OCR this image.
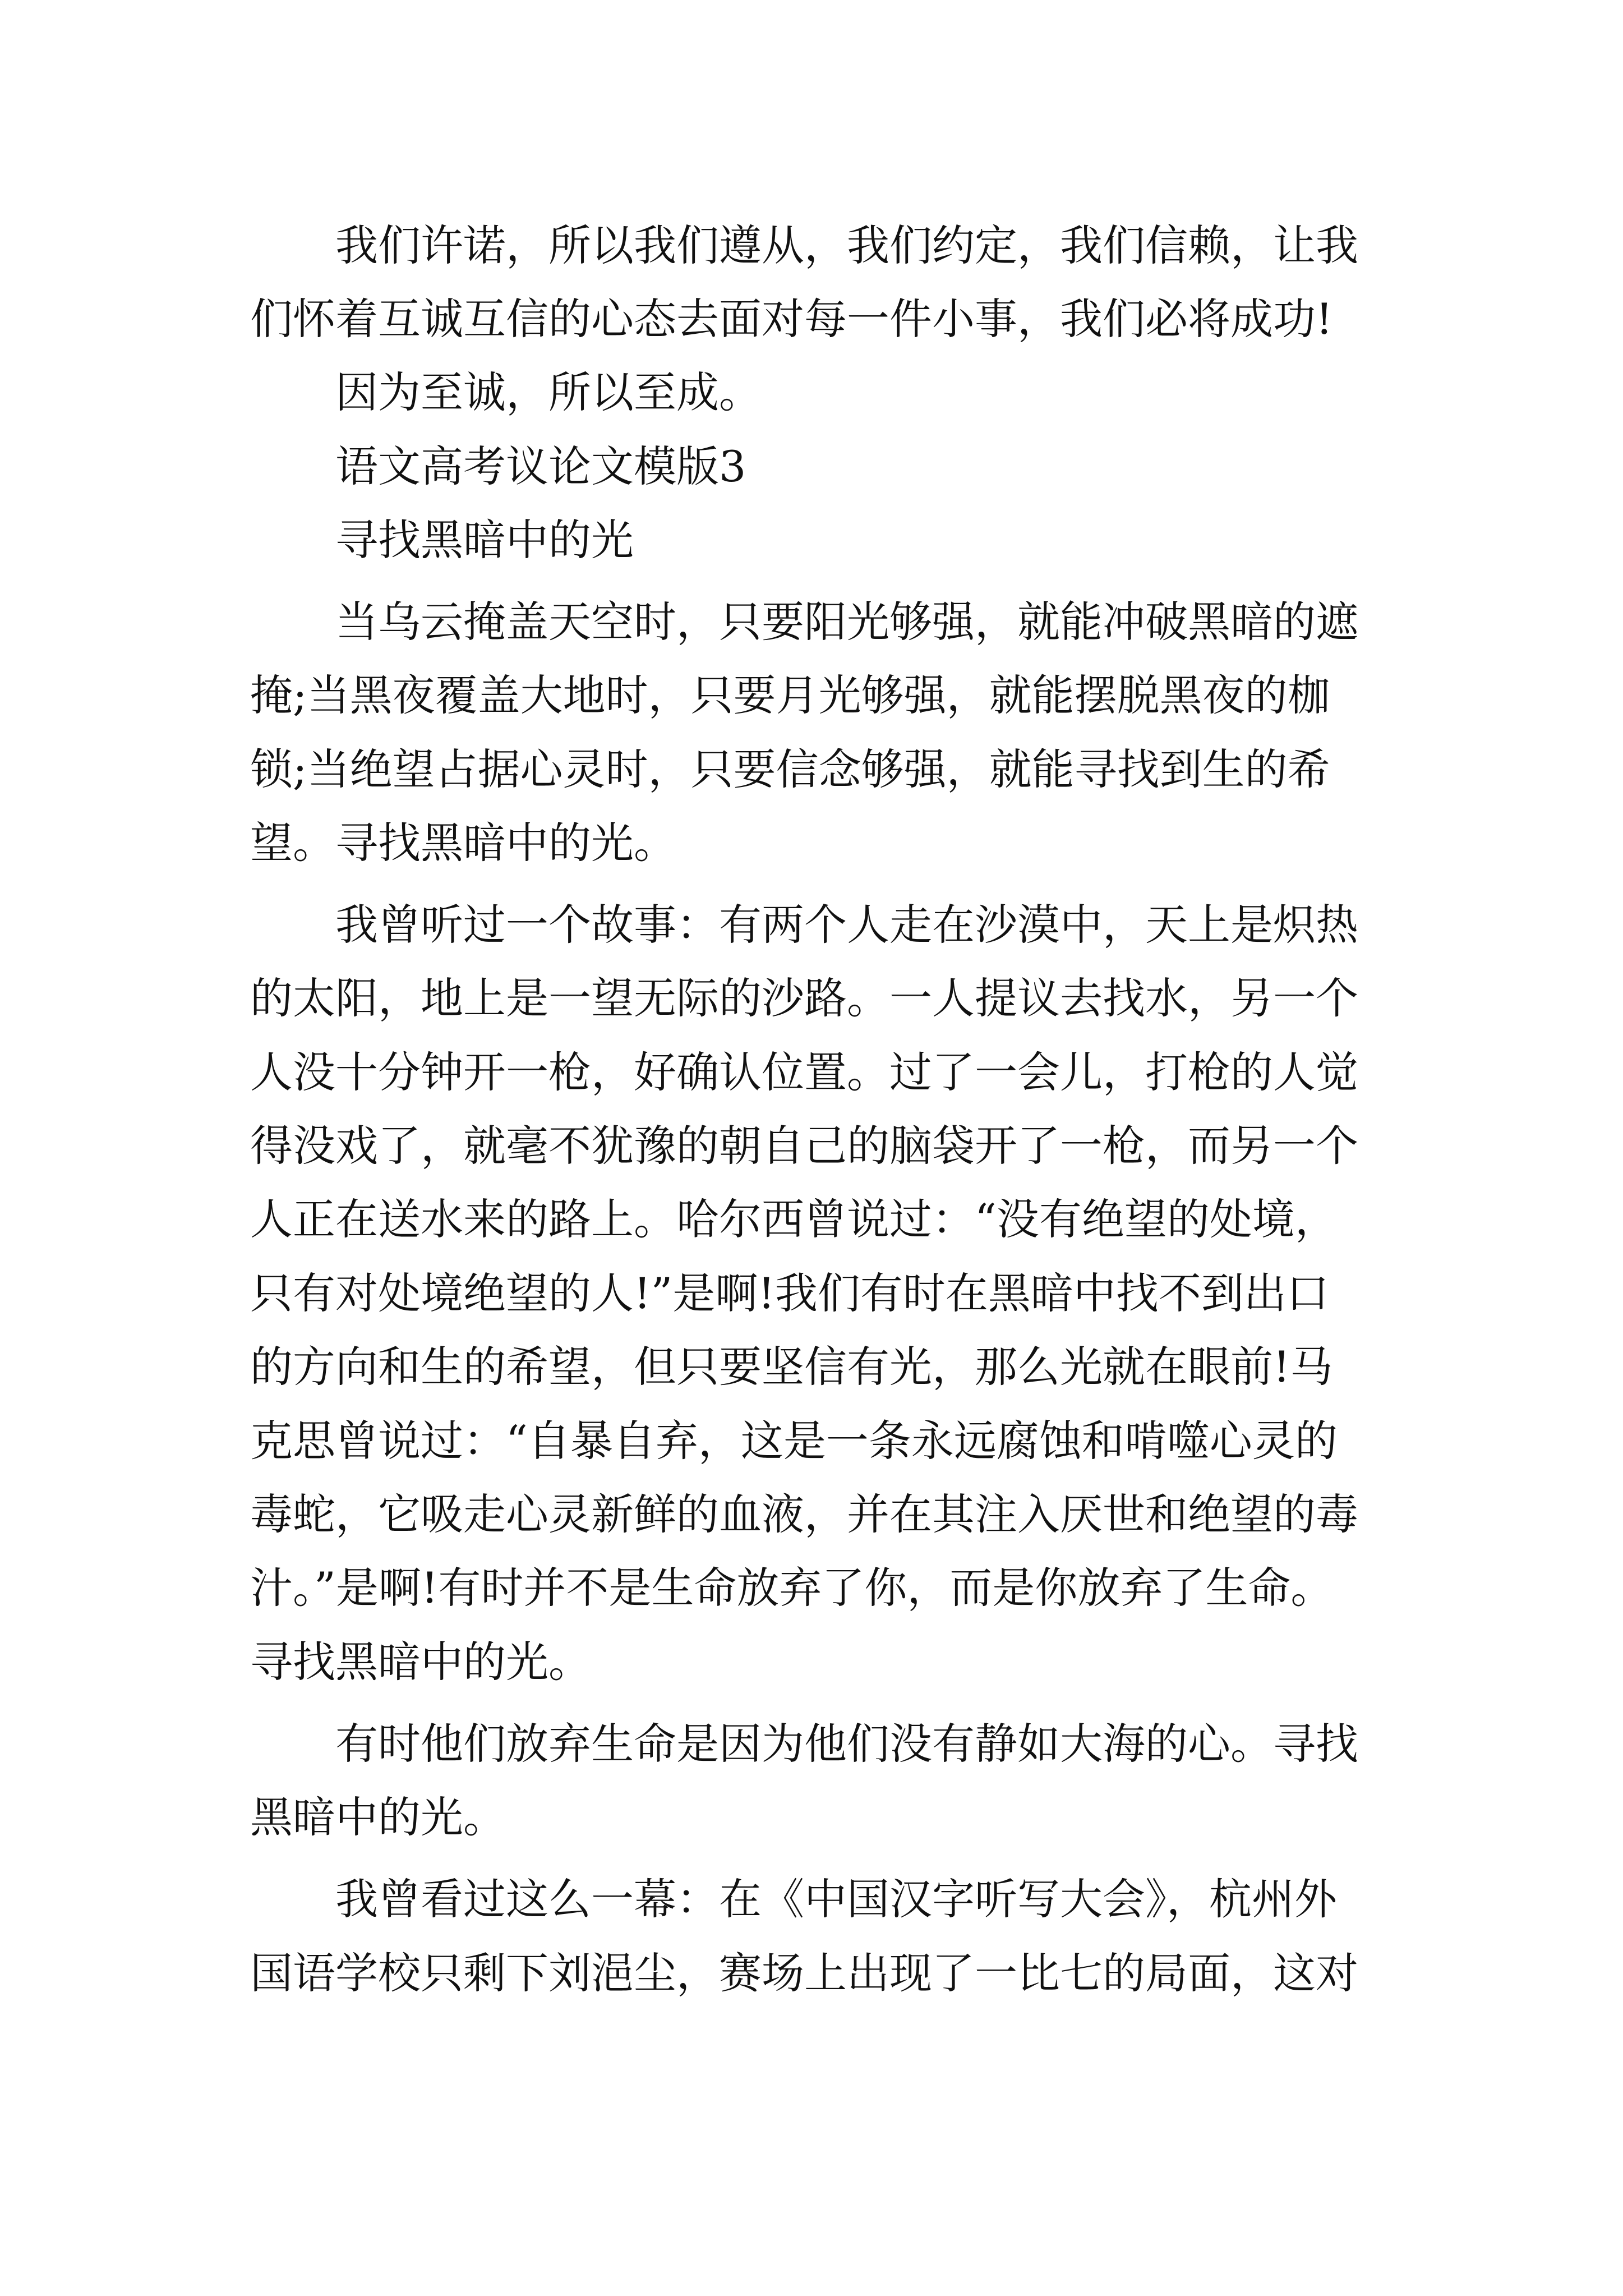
我们许诺，所以我们遵从，我们约定，我们信赖，让我
们怀着互诚互信的心态去面对每一件小事，我们必将成功!
因为至诚，所以至成。
语文高考议论文模版3
寻找黑暗中的光
当乌云掩盖天空时，只要阳光够强，就能冲破黑暗的遮
掩;当黑夜覆盖大地时，只要月光够强，就能摆脱黑夜的枷
锁;当绝望占据心灵时，只要信念够强，就能寻找到生的希
望。寻找黑暗中的光。
我曾听过一个故事：有两个人走在沙漠中，天上是炽热
的太阳，地上是一望无际的沙路。一人提议去找水，另一个
人没十分钟开一枪，好确认位置。过了一会儿，打枪的人觉
得没戏了，就毫不犹豫的朝自己的脑袋开了一枪，而另一个
人正在送水来的路上。哈尔西曾说过：“没有绝望的处境，
只有对处境绝望的人!”是啊!我们有时在黑暗中找不到出口
的方向和生的希望，但只要坚信有光，那么光就在眼前!马
克思曾说过：“自暴自弃，这是一条永远腐蚀和啃噬心灵的
毒蛇，它吸走心灵新鲜的血液，并在其注入厌世和绝望的毒
汁。”是啊!有时并不是生命放弃了你，而是你放弃了生命。
寻找黑暗中的光。
有时他们放弃生命是因为他们没有静如大海的心。寻找
黑暗中的光。
我曾看过这么一幕：在《中国汉字听写大会》，杭州外
国语学校只剩下刘浥尘，赛场上出现了一比七的局面，这对
